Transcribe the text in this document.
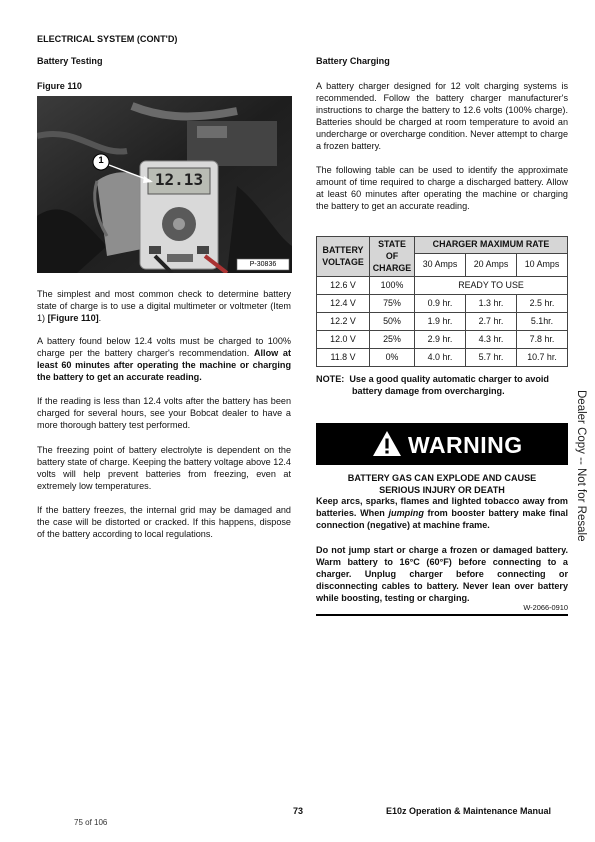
ELECTRICAL SYSTEM (CONT'D)
Battery Testing
Figure 110
12.13
1
P-30836

The simplest and most common check to determine battery state of charge is to use a digital multimeter or voltmeter (Item 1) [Figure 110].

A battery found below 12.4 volts must be charged to 100% charge per the battery charger's recommendation. Allow at least 60 minutes after operating the machine or charging the battery to get an accurate reading.

If the reading is less than 12.4 volts after the battery has been charged for several hours, see your Bobcat dealer to have a more thorough battery test performed.

The freezing point of battery electrolyte is dependent on the battery state of charge. Keeping the battery voltage above 12.4 volts will help prevent batteries from freezing, even at extremely low temperatures.

If the battery freezes, the internal grid may be damaged and the case will be distorted or cracked. If this happens, dispose of the battery according to local regulations.

Battery Charging

A battery charger designed for 12 volt charging systems is recommended. Follow the battery charger manufacturer's instructions to charge the battery to 12.6 volts (100% charge). Batteries should be charged at room temperature to avoid an undercharge or overcharge condition. Never attempt to charge a frozen battery.

The following table can be used to identify the approximate amount of time required to charge a discharged battery. Allow at least 60 minutes after operating the machine or charging the battery to get an accurate reading.

BATTERY VOLTAGE	STATE OF CHARGE	CHARGER MAXIMUM RATE		
		30 Amps	20 Amps	10 Amps
12.6 V	100%	READY TO USE		
12.4 V	75%	0.9 hr.	1.3 hr.	2.5 hr.
12.2 V	50%	1.9 hr.	2.7 hr.	5.1hr.
12.0 V	25%	2.9 hr.	4.3 hr.	7.8 hr.
11.8 V	0%	4.0 hr.	5.7 hr.	10.7 hr.
NOTE: Use a good quality automatic charger to avoid
battery damage from overcharging.
WARNING
BATTERY GAS CAN EXPLODE AND CAUSE
SERIOUS INJURY OR DEATH

Keep arcs, sparks, flames and lighted tobacco away from batteries. When jumping from booster battery make final connection (negative) at machine frame.

Do not jump start or charge a frozen or damaged battery. Warm battery to 16°C (60°F) before connecting to a charger. Unplug charger before connecting or disconnecting cables to battery. Never lean over battery while boosting, testing or charging.

W-2066-0910
Dealer Copy -- Not for Resale
73	E10z Operation & Maintenance Manual
75 of 106
